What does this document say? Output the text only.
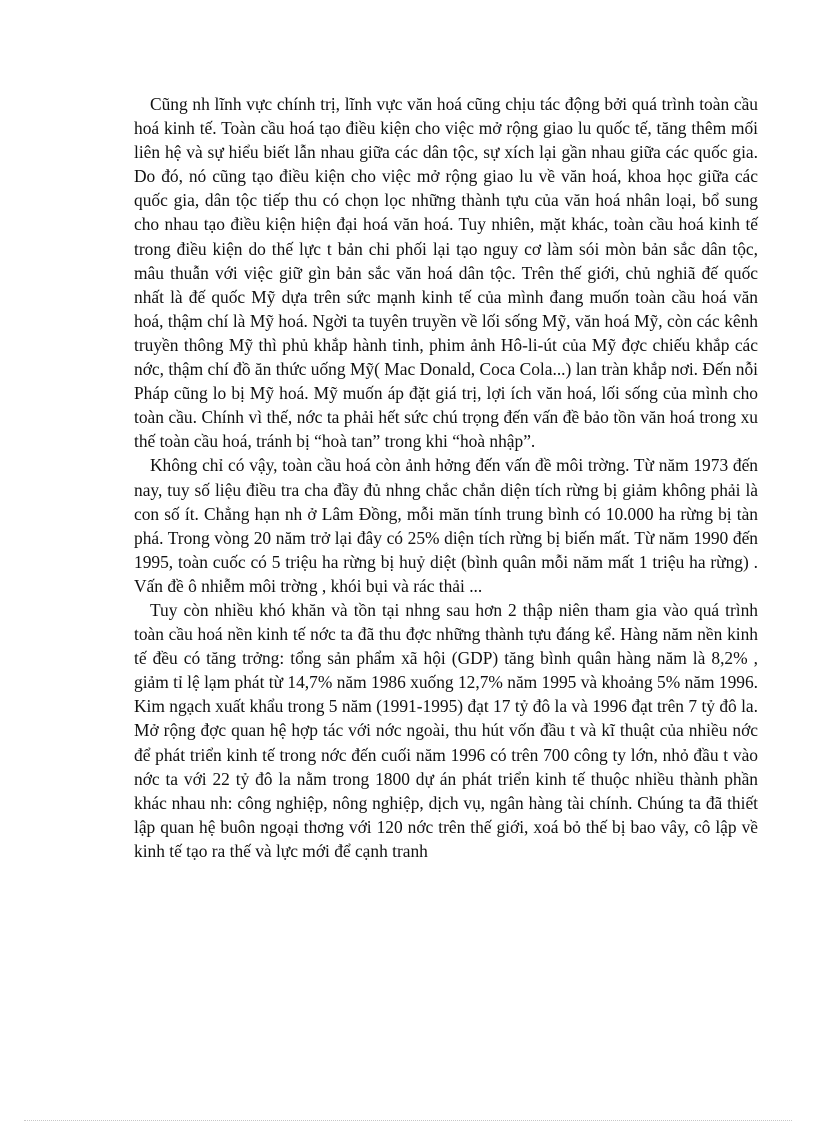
Cũng nh lĩnh vực chính trị, lĩnh vực văn hoá cũng chịu tác động bởi quá trình toàn cầu hoá kinh tế. Toàn cầu hoá tạo điều kiện cho việc mở rộng giao lu quốc tế, tăng thêm mối liên hệ và sự hiểu biết lẫn nhau giữa các dân tộc, sự xích lại gần nhau giữa các quốc gia. Do đó, nó cũng tạo điều kiện cho việc mở rộng giao lu về văn hoá, khoa học giữa các quốc gia, dân tộc tiếp thu có chọn lọc những thành tựu của văn hoá nhân loại, bổ sung cho nhau tạo điều kiện hiện đại hoá văn hoá. Tuy nhiên, mặt khác, toàn cầu hoá kinh tế trong điều kiện do thế lực t bản chi phối lại tạo nguy cơ làm sói mòn bản sắc dân tộc, mâu thuẫn với việc giữ gìn bản sắc văn hoá dân tộc. Trên thế giới, chủ nghiã đế quốc nhất là đế quốc Mỹ dựa trên sức mạnh kinh tế của mình đang muốn toàn cầu hoá văn hoá, thậm chí là Mỹ hoá. Ngời ta tuyên truyền về lối sống Mỹ, văn hoá Mỹ, còn các kênh truyền thông Mỹ thì phủ khắp hành tinh, phim ảnh Hô-li-út của Mỹ đợc chiếu khắp các nớc, thậm chí đồ ăn thức uống Mỹ( Mac Donald, Coca Cola...) lan tràn khắp nơi. Đến nỗi Pháp cũng lo bị Mỹ hoá. Mỹ muốn áp đặt giá trị, lợi ích văn hoá, lối sống của mình cho toàn cầu. Chính vì thế, nớc ta phải hết sức chú trọng đến vấn đề bảo tồn văn hoá trong xu thế toàn cầu hoá, tránh bị “hoà tan” trong khi “hoà nhập”.

Không chỉ có vậy, toàn cầu hoá còn ảnh hởng đến vấn đề môi trờng. Từ năm 1973 đến nay, tuy số liệu điều tra cha đầy đủ nhng chắc chắn diện tích rừng bị giảm không phải là con số ít. Chẳng hạn nh ở Lâm Đồng, mỗi măn tính trung bình có 10.000 ha rừng bị tàn phá. Trong vòng 20 năm trở lại đây có 25% diện tích rừng bị biến mất. Từ năm 1990 đến 1995, toàn cuốc có 5 triệu ha rừng bị huỷ diệt (bình quân mỗi năm mất 1 triệu ha rừng) . Vấn đề ô nhiễm môi trờng , khói bụi và rác thải ...

Tuy còn nhiều khó khăn và tồn tại nhng sau hơn 2 thập niên tham gia vào quá trình toàn cầu hoá nền kinh tế nớc ta đã thu đợc những thành tựu đáng kể. Hàng năm nền kinh tế đều có tăng trởng: tổng sản phẩm xã hội (GDP) tăng bình quân hàng năm là 8,2% , giảm tỉ lệ lạm phát từ 14,7% năm 1986 xuống 12,7% năm 1995 và khoảng 5% năm 1996. Kim ngạch xuất khẩu trong 5 năm (1991-1995) đạt 17 tỷ đô la và 1996 đạt trên 7 tỷ đô la. Mở rộng đợc quan hệ hợp tác với nớc ngoài, thu hút vốn đầu t và kĩ thuật của nhiều nớc để phát triển kinh tế trong nớc đến cuối năm 1996 có trên 700 công ty lớn, nhỏ đầu t vào nớc ta với 22 tỷ đô la nằm trong 1800 dự án phát triển kinh tế thuộc nhiều thành phần khác nhau nh: công nghiệp, nông nghiệp, dịch vụ, ngân hàng tài chính. Chúng ta đã thiết lập quan hệ buôn ngoại thơng với 120 nớc trên thế giới, xoá bỏ thế bị bao vây, cô lập về kinh tế tạo ra thế và lực mới để cạnh tranh
